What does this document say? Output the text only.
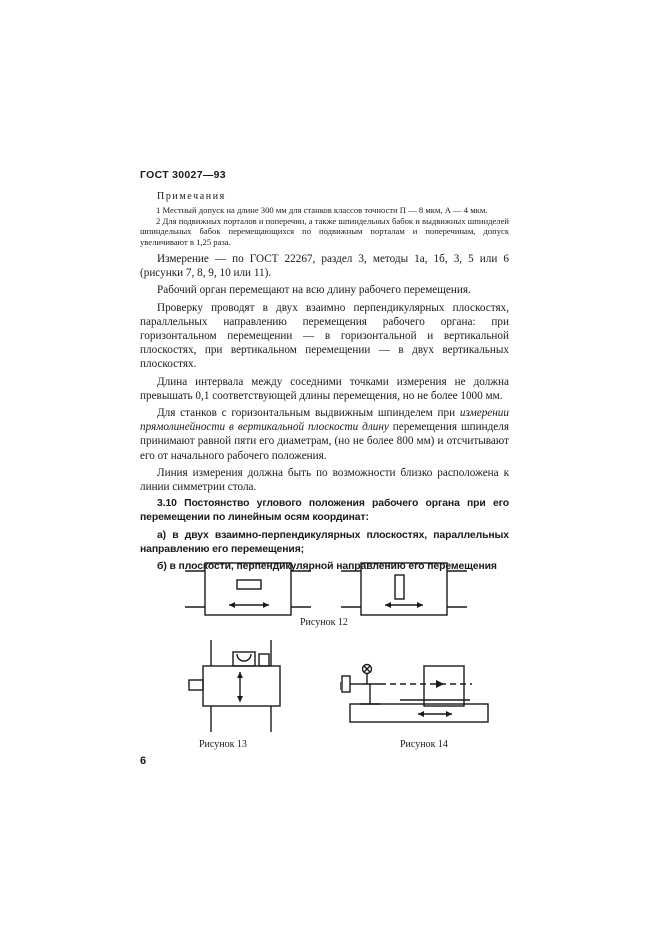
ГОСТ 30027—93
Примечания

1 Местный допуск на длине 300 мм для станков классов точности П — 8 мкм, А — 4 мкм.

2 Для подвижных порталов и поперечин, а также шпиндельных бабок и выдвижных шпинделей шпиндельных бабок перемещающихся по подвижным порталам и поперечинам, допуск увеличивают в 1,25 раза.

Измерение — по ГОСТ 22267, раздел 3, методы 1а, 1б, 3, 5 или 6 (рисунки 7, 8, 9, 10 или 11).

Рабочий орган перемещают на всю длину рабочего перемещения.

Проверку проводят в двух взаимно перпендикулярных плоскостях, параллельных направлению перемещения рабочего органа: при горизонтальном перемещении — в горизонтальной и вертикальной плоскостях, при вертикальном перемещении — в двух вертикальных плоскостях.

Длина интервала между соседними точками измерения не должна превышать 0,1 соответствующей длины перемещения, но не более 1000 мм.

Для станков с горизонтальным выдвижным шпинделем при измерении прямолинейности в вертикальной плоскости длину перемещения шпинделя принимают равной пяти его диаметрам, (но не более 800 мм) и отсчитывают его от начального рабочего положения.

Линия измерения должна быть по возможности близко расположена к линии симметрии стола.

3.10 Постоянство углового положения рабочего органа при его перемещении по линейным осям координат:

а) в двух взаимно-перпендикулярных плоскостях, параллельных направлению его перемещения;

б) в плоскости, перпендикулярной направлению его перемещения

Рисунок 12
Рисунок 13	Рисунок 14
6
